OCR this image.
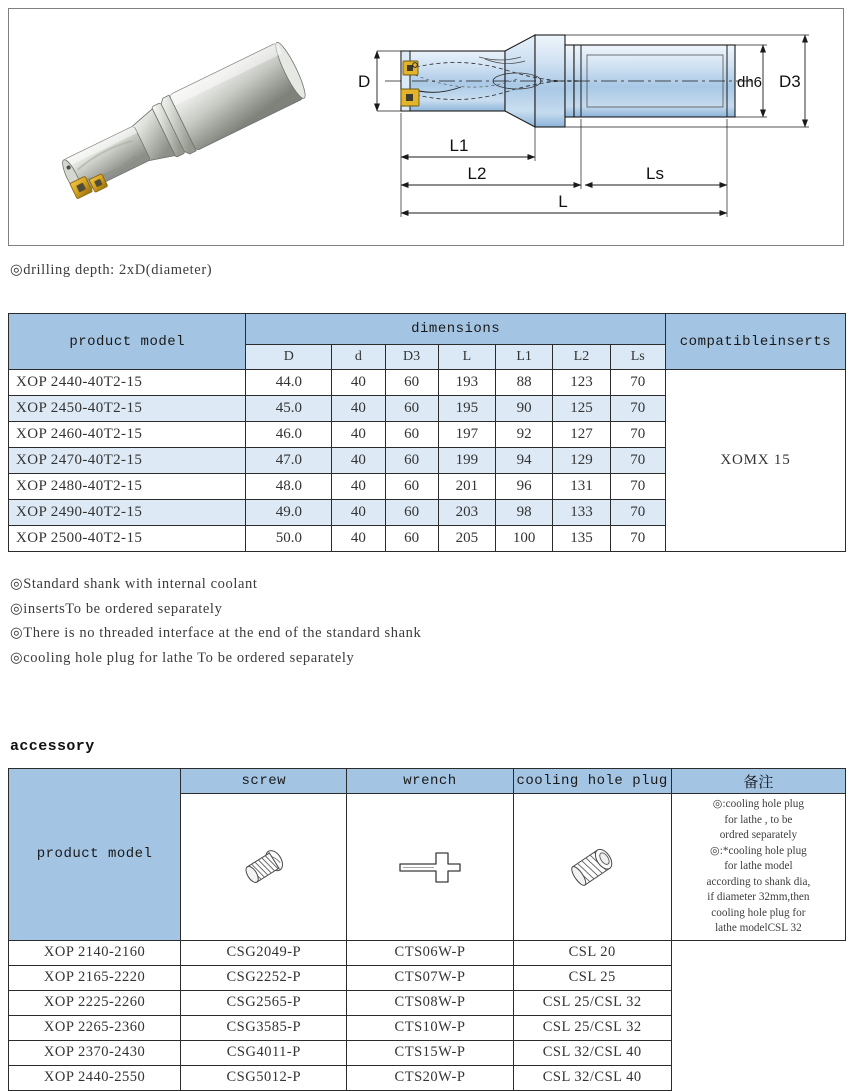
D	dh6 D3
L1
L2	Ls
L
◎drilling depth: 2xD(diameter)
product model	dimensions							compatibleinserts
	D	d	D3	L	L1	L2	Ls	
XOP 2440-40T2-15	44.0	40	60	193	88	123	70	XOMX 15
XOP 2450-40T2-15	45.0	40	60	195	90	125	70	
XOP 2460-40T2-15	46.0	40	60	197	92	127	70	
XOP 2470-40T2-15	47.0	40	60	199	94	129	70	
XOP 2480-40T2-15	48.0	40	60	201	96	131	70	
XOP 2490-40T2-15	49.0	40	60	203	98	133	70	
XOP 2500-40T2-15	50.0	40	60	205	100	135	70	
◎Standard shank with internal coolant
◎insertsTo be ordered separately
◎There is no threaded interface at the end of the standard shank
◎cooling hole plug for lathe To be ordered separately
accessory
product model	screw	wrench	cooling hole plug	备注

◎:cooling hole plug

for lathe , to be

ordred separately

◎:*cooling hole plug

for lathe model

according to shank dia,

if diameter 32mm,then

cooling hole plug for

lathe modelCSL 32

XOP 2140-2160	CSG2049-P	CTS06W-P	CSL 20	
XOP 2165-2220	CSG2252-P	CTS07W-P	CSL 25	
XOP 2225-2260	CSG2565-P	CTS08W-P	CSL 25/CSL 32	
XOP 2265-2360	CSG3585-P	CTS10W-P	CSL 25/CSL 32	
XOP 2370-2430	CSG4011-P	CTS15W-P	CSL 32/CSL 40	
XOP 2440-2550	CSG5012-P	CTS20W-P	CSL 32/CSL 40	
